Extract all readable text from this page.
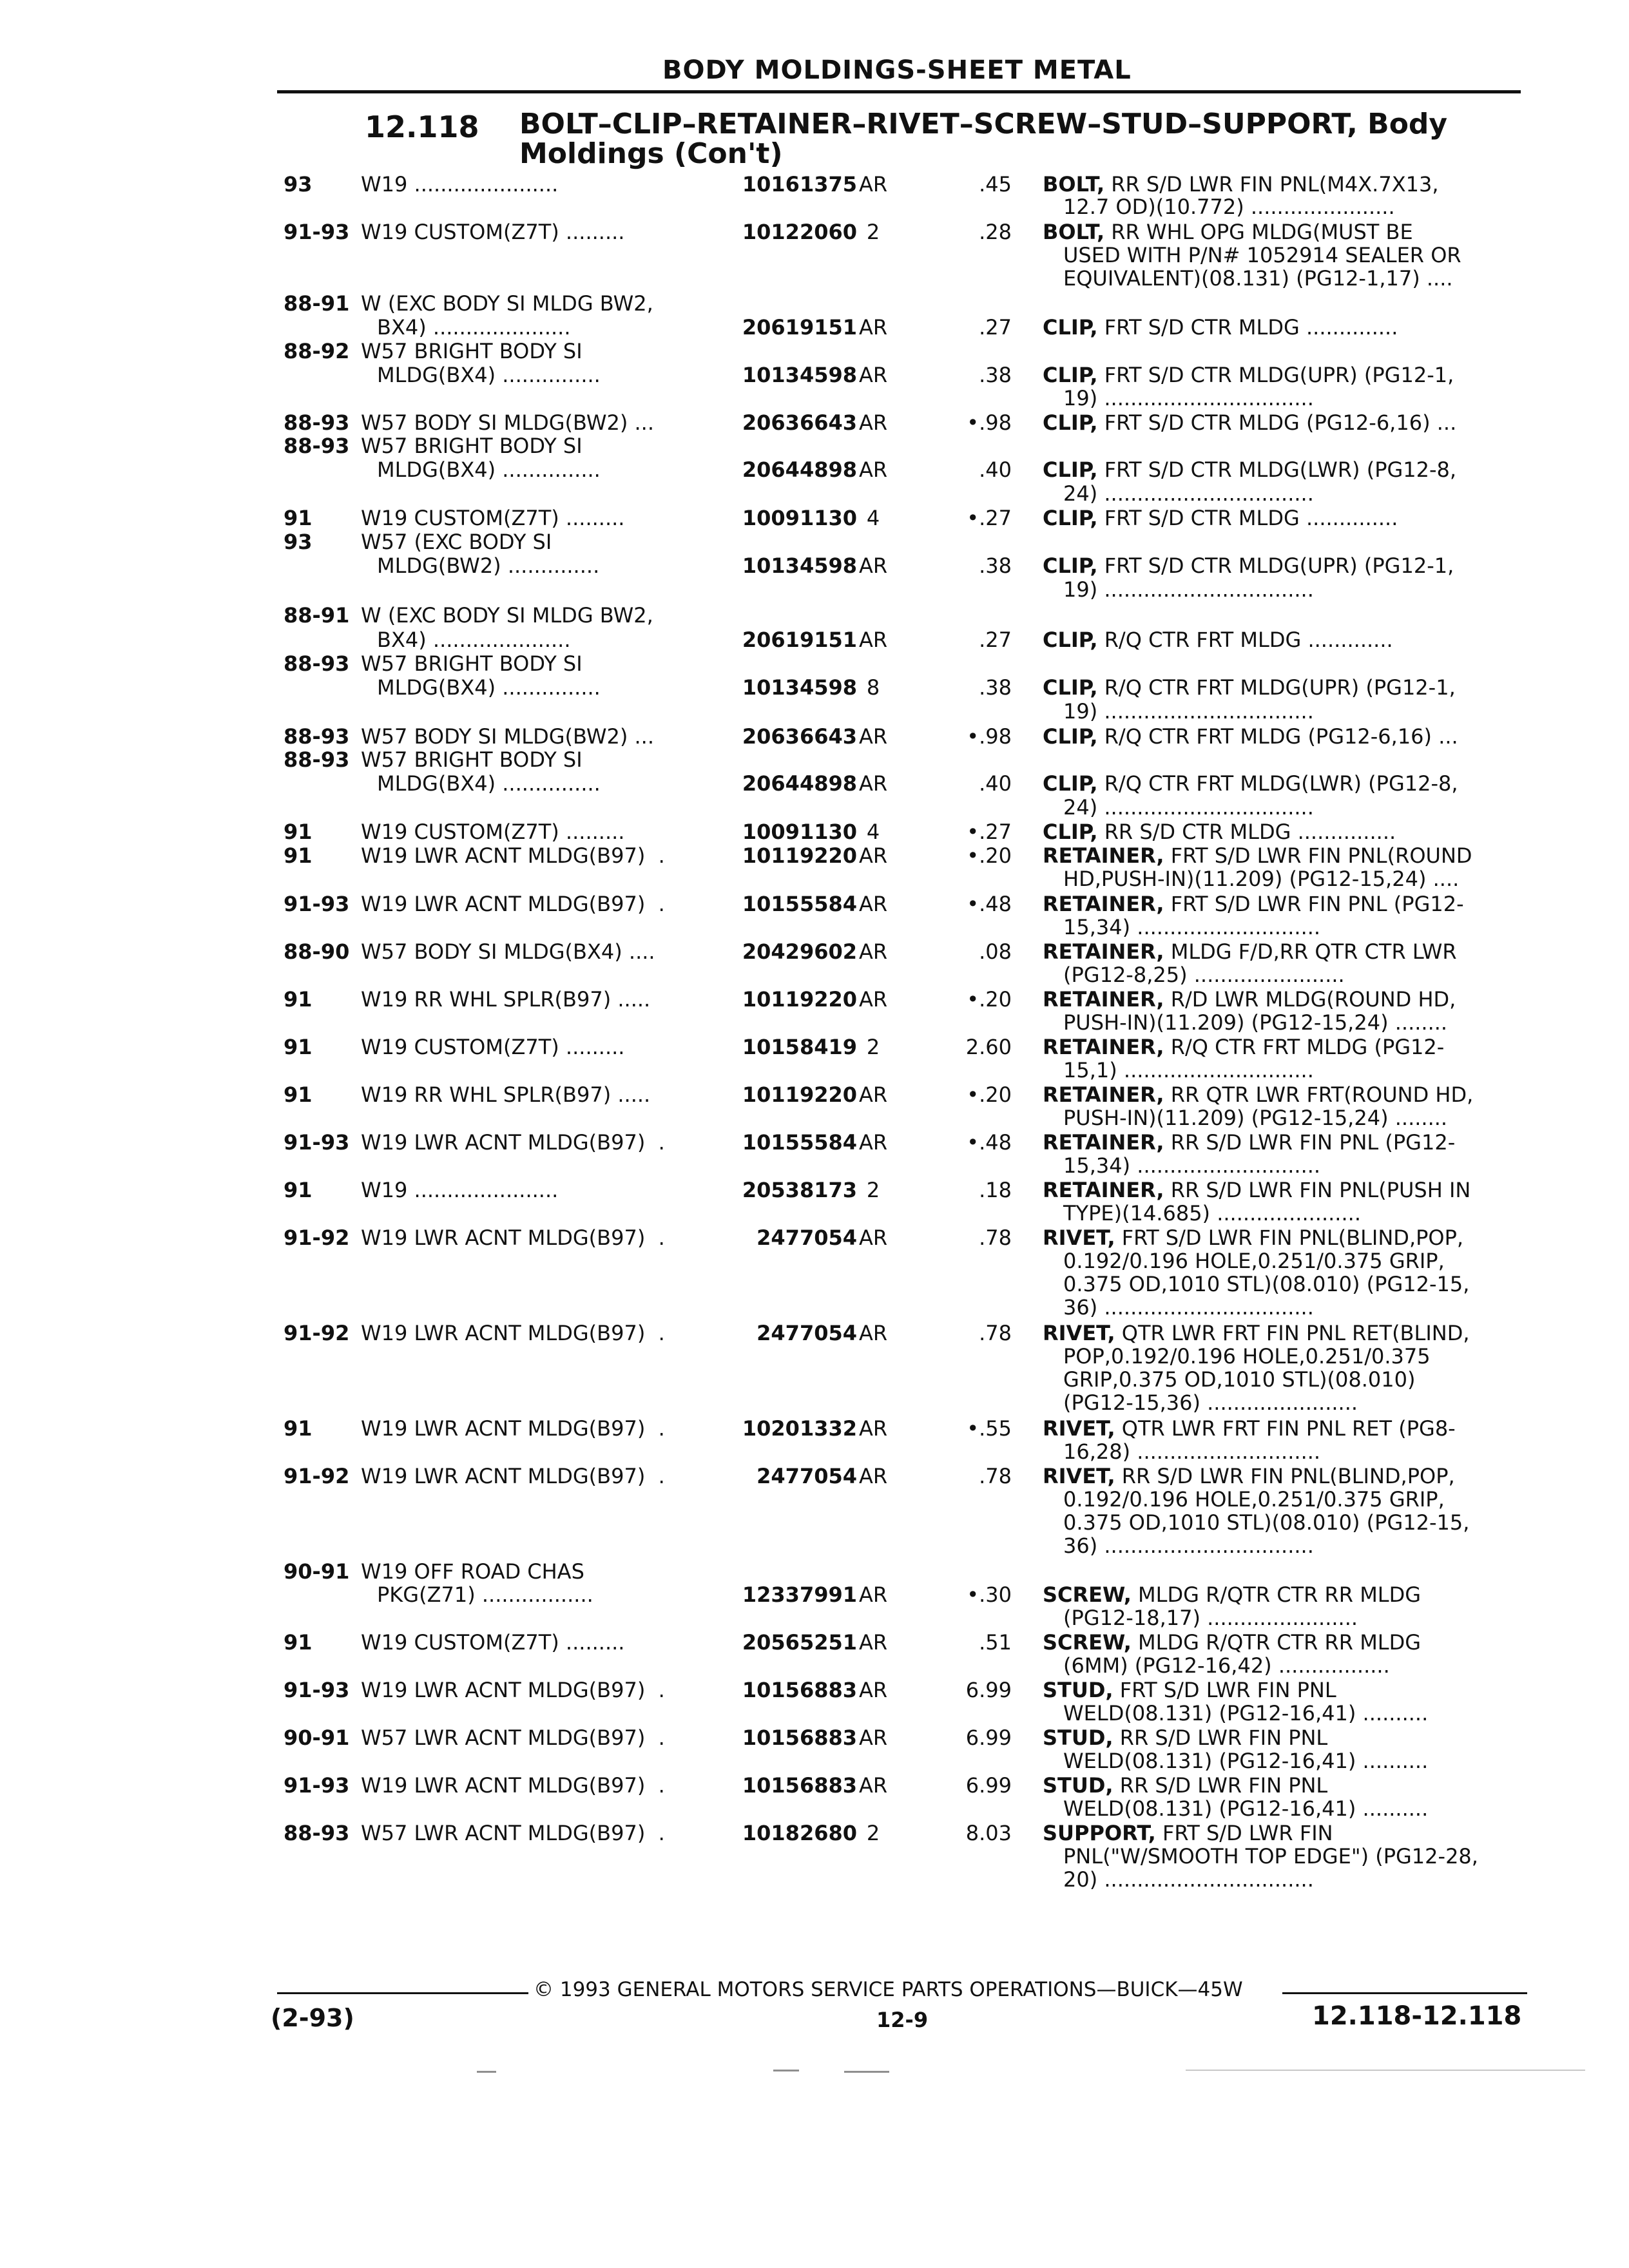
BODY MOLDINGS-SHEET METAL
12.118 BOLT–CLIP–RETAINER–RIVET–SCREW–STUD–SUPPORT, Body Moldings (Con't)
93 W19 ......................	10161375 AR	.45 BOLT, RR S/D LWR FIN PNL(M4X.7X13,
12.7 OD)(10.772) ......................
91-93 W19 CUSTOM(Z7T) .........	10122060 2	.28 BOLT, RR WHL OPG MLDG(MUST BE
USED WITH P/N# 1052914 SEALER OR
EQUIVALENT)(08.131) (PG12-1,17) ....
88-91 W (EXC BODY SI MLDG BW2,
BX4) .....................	20619151 AR	.27 CLIP, FRT S/D CTR MLDG ..............
88-92 W57 BRIGHT BODY SI
MLDG(BX4) ...............	10134598 AR	.38 CLIP, FRT S/D CTR MLDG(UPR) (PG12-1,
19) ................................
88-93 W57 BODY SI MLDG(BW2) ...	20636643 AR	•.98 CLIP, FRT S/D CTR MLDG (PG12-6,16) ...
88-93 W57 BRIGHT BODY SI
MLDG(BX4) ...............	20644898 AR	.40 CLIP, FRT S/D CTR MLDG(LWR) (PG12-8,
24) ................................
91 W19 CUSTOM(Z7T) .........	10091130 4	•.27 CLIP, FRT S/D CTR MLDG ..............
93 W57 (EXC BODY SI
MLDG(BW2) ..............	10134598 AR	.38 CLIP, FRT S/D CTR MLDG(UPR) (PG12-1,
19) ................................
88-91 W (EXC BODY SI MLDG BW2,
BX4) .....................	20619151 AR	.27 CLIP, R/Q CTR FRT MLDG .............
88-93 W57 BRIGHT BODY SI
MLDG(BX4) ...............	10134598 8	.38 CLIP, R/Q CTR FRT MLDG(UPR) (PG12-1,
19) ................................
88-93 W57 BODY SI MLDG(BW2) ...	20636643 AR	•.98 CLIP, R/Q CTR FRT MLDG (PG12-6,16) ...
88-93 W57 BRIGHT BODY SI
MLDG(BX4) ...............	20644898 AR	.40 CLIP, R/Q CTR FRT MLDG(LWR) (PG12-8,
24) ................................
91 W19 CUSTOM(Z7T) .........	10091130 4	•.27 CLIP, RR S/D CTR MLDG ...............
91 W19 LWR ACNT MLDG(B97)  .	10119220 AR	•.20 RETAINER, FRT S/D LWR FIN PNL(ROUND
HD,PUSH-IN)(11.209) (PG12-15,24) ....
91-93 W19 LWR ACNT MLDG(B97)  .	10155584 AR	•.48 RETAINER, FRT S/D LWR FIN PNL (PG12-
15,34) ............................
88-90 W57 BODY SI MLDG(BX4) ....	20429602 AR	.08 RETAINER, MLDG F/D,RR QTR CTR LWR
(PG12-8,25) .......................
91 W19 RR WHL SPLR(B97) .....	10119220 AR	•.20 RETAINER, R/D LWR MLDG(ROUND HD,
PUSH-IN)(11.209) (PG12-15,24) ........
91 W19 CUSTOM(Z7T) .........	10158419 2	2.60 RETAINER, R/Q CTR FRT MLDG (PG12-
15,1) .............................
91 W19 RR WHL SPLR(B97) .....	10119220 AR	•.20 RETAINER, RR QTR LWR FRT(ROUND HD,
PUSH-IN)(11.209) (PG12-15,24) ........
91-93 W19 LWR ACNT MLDG(B97)  .	10155584 AR	•.48 RETAINER, RR S/D LWR FIN PNL (PG12-
15,34) ............................
91 W19 ......................	20538173 2	.18 RETAINER, RR S/D LWR FIN PNL(PUSH IN
TYPE)(14.685) ......................
91-92 W19 LWR ACNT MLDG(B97)  .	2477054 AR	.78 RIVET, FRT S/D LWR FIN PNL(BLIND,POP,
0.192/0.196 HOLE,0.251/0.375 GRIP,
0.375 OD,1010 STL)(08.010) (PG12-15,
36) ................................
91-92 W19 LWR ACNT MLDG(B97)  .	2477054 AR	.78 RIVET, QTR LWR FRT FIN PNL RET(BLIND,
POP,0.192/0.196 HOLE,0.251/0.375
GRIP,0.375 OD,1010 STL)(08.010)
(PG12-15,36) .......................
91 W19 LWR ACNT MLDG(B97)  .	10201332 AR	•.55 RIVET, QTR LWR FRT FIN PNL RET (PG8-
16,28) ............................
91-92 W19 LWR ACNT MLDG(B97)  .	2477054 AR	.78 RIVET, RR S/D LWR FIN PNL(BLIND,POP,
0.192/0.196 HOLE,0.251/0.375 GRIP,
0.375 OD,1010 STL)(08.010) (PG12-15,
36) ................................
90-91 W19 OFF ROAD CHAS
PKG(Z71) .................	12337991 AR	•.30 SCREW, MLDG R/QTR CTR RR MLDG
(PG12-18,17) .......................
91 W19 CUSTOM(Z7T) .........	20565251 AR	.51 SCREW, MLDG R/QTR CTR RR MLDG
(6MM) (PG12-16,42) .................
91-93 W19 LWR ACNT MLDG(B97)  .	10156883 AR	6.99 STUD, FRT S/D LWR FIN PNL
WELD(08.131) (PG12-16,41) ..........
90-91 W57 LWR ACNT MLDG(B97)  .	10156883 AR	6.99 STUD, RR S/D LWR FIN PNL
WELD(08.131) (PG12-16,41) ..........
91-93 W19 LWR ACNT MLDG(B97)  .	10156883 AR	6.99 STUD, RR S/D LWR FIN PNL
WELD(08.131) (PG12-16,41) ..........
88-93 W57 LWR ACNT MLDG(B97)  .	10182680 2	8.03 SUPPORT, FRT S/D LWR FIN
PNL("W/SMOOTH TOP EDGE") (PG12-28,
20) ................................
© 1993 GENERAL MOTORS SERVICE PARTS OPERATIONS—BUICK—45W
(2-93)	12-9	12.118-12.118
